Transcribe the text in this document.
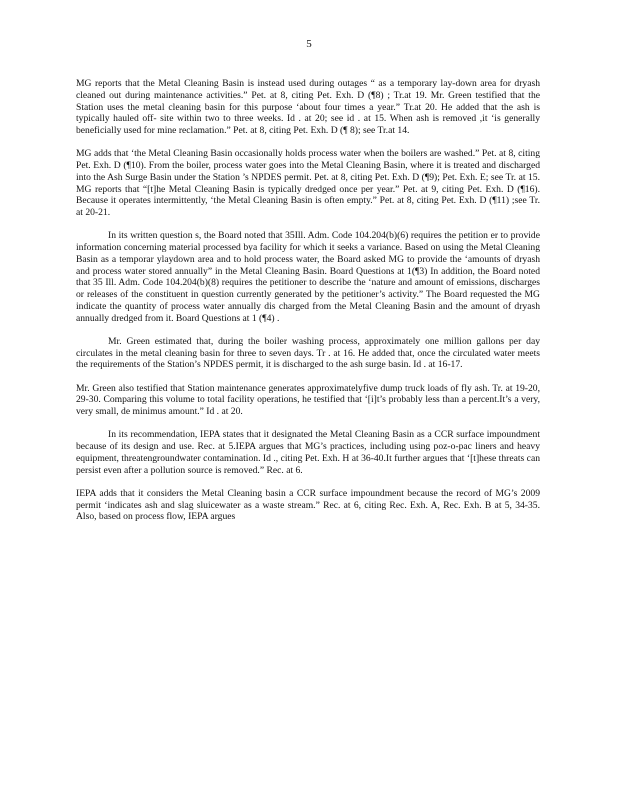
5

MG reports that the Metal Cleaning Basin is instead used during outages “ as a temporary lay-down area for dryash cleaned out during maintenance activities.” Pet. at 8, citing Pet. Exh. D (¶8) ; Tr.at 19. Mr. Green testified that the Station uses the metal cleaning basin for this purpose ‘about four times a year.” Tr.at 20. He added that the ash is typically hauled off- site within two to three weeks. Id . at 20; see id . at 15. When ash is removed ,it ‘is generally beneficially used for mine reclamation.” Pet. at 8, citing Pet. Exh. D (¶ 8); see Tr.at 14.

MG adds that ‘the Metal Cleaning Basin occasionally holds process water when the boilers are washed.” Pet. at 8, citing Pet. Exh. D (¶10). From the boiler, process water goes into the Metal Cleaning Basin, where it is treated and discharged into the Ash Surge Basin under the Station ’s NPDES permit. Pet. at 8, citing Pet. Exh. D (¶9); Pet. Exh. E; see Tr. at 15. MG reports that “[t]he Metal Cleaning Basin is typically dredged once per year.” Pet. at 9, citing Pet. Exh. D (¶16). Because it operates intermittently, ‘the Metal Cleaning Basin is often empty.” Pet. at 8, citing Pet. Exh. D (¶11) ;see Tr. at 20-21.

In its written question s, the Board noted that 35Ill. Adm. Code 104.204(b)(6) requires the petition er to provide information concerning material processed bya facility for which it seeks a variance. Based on using the Metal Cleaning Basin as a temporar ylaydown area and to hold process water, the Board asked MG to provide the ‘amounts of dryash and process water stored annually” in the Metal Cleaning Basin. Board Questions at 1(¶3) In addition, the Board noted that 35 Ill. Adm. Code 104.204(b)(8) requires the petitioner to describe the ‘nature and amount of emissions, discharges or releases of the constituent in question currently generated by the petitioner’s activity.” The Board requested the MG indicate the quantity of process water annually dis charged from the Metal Cleaning Basin and the amount of dryash annually dredged from it. Board Questions at 1 (¶4) .

Mr. Green estimated that, during the boiler washing process, approximately one million gallons per day circulates in the metal cleaning basin for three to seven days. Tr . at 16. He added that, once the circulated water meets the requirements of the Station’s NPDES permit, it is discharged to the ash surge basin. Id . at 16-17.

Mr. Green also testified that Station maintenance generates approximatelyfive dump truck loads of fly ash. Tr. at 19-20, 29-30. Comparing this volume to total facility operations, he testified that ‘[i]t’s probably less than a percent.It’s a very, very small, de minimus amount.” Id . at 20.

In its recommendation, IEPA states that it designated the Metal Cleaning Basin as a CCR surface impoundment because of its design and use. Rec. at 5.IEPA argues that MG’s practices, including using poz-o-pac liners and heavy equipment, threatengroundwater contamination. Id ., citing Pet. Exh. H at 36-40.It further argues that ‘[t]hese threats can persist even after a pollution source is removed.” Rec. at 6.

IEPA adds that it considers the Metal Cleaning basin a CCR surface impoundment because the record of MG’s 2009 permit ‘indicates ash and slag sluicewater as a waste stream.” Rec. at 6, citing Rec. Exh. A, Rec. Exh. B at 5, 34-35. Also, based on process flow, IEPA argues
